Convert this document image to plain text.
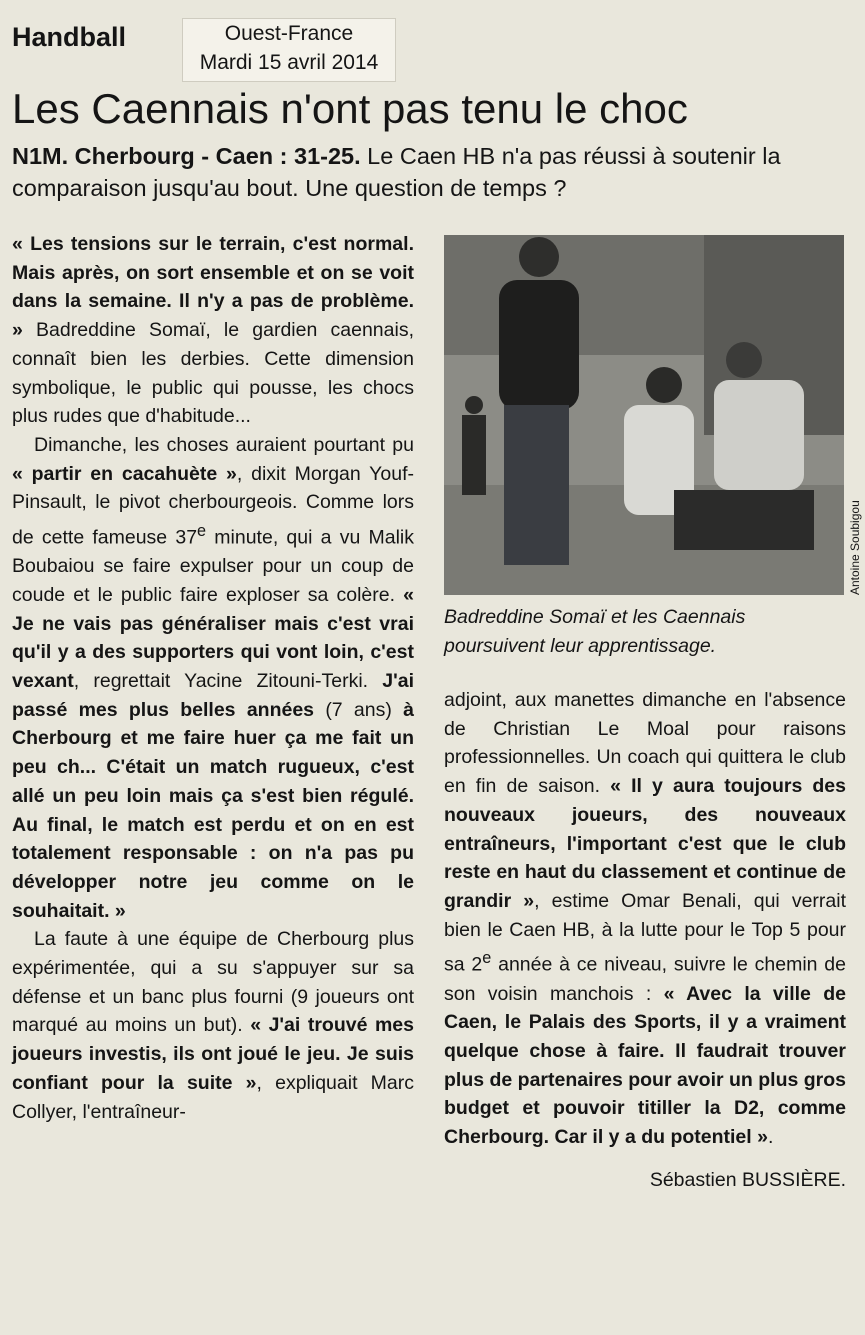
Handball	Ouest-France
Mardi 15 avril 2014
Les Caennais n'ont pas tenu le choc
N1M. Cherbourg - Caen : 31-25. Le Caen HB n'a pas réussi à soutenir la comparaison jusqu'au bout. Une question de temps ?

« Les tensions sur le terrain, c'est normal. Mais après, on sort ensemble et on se voit dans la semaine. Il n'y a pas de problème. » Badreddine Somaï, le gardien caennais, connaît bien les derbies. Cette dimension symbolique, le public qui pousse, les chocs plus rudes que d'habitude...

Dimanche, les choses auraient pourtant pu « partir en cacahuète », dixit Morgan Youf-Pinsault, le pivot cherbourgeois. Comme lors de cette fameuse 37e minute, qui a vu Malik Boubaiou se faire expulser pour un coup de coude et le public faire exploser sa colère. « Je ne vais pas généraliser mais c'est vrai qu'il y a des supporters qui vont loin, c'est vexant, regrettait Yacine Zitouni-Terki. J'ai passé mes plus belles années (7 ans) à Cherbourg et me faire huer ça me fait un peu ch... C'était un match rugueux, c'est allé un peu loin mais ça s'est bien régulé. Au final, le match est perdu et on en est totalement responsable : on n'a pas pu développer notre jeu comme on le souhaitait. »

La faute à une équipe de Cherbourg plus expérimentée, qui a su s'appuyer sur sa défense et un banc plus fourni (9 joueurs ont marqué au moins un but). « J'ai trouvé mes joueurs investis, ils ont joué le jeu. Je suis confiant pour la suite », expliquait Marc Collyer, l'entraîneur-

Antoine Soubigou
Badreddine Somaï et les Caennais poursuivent leur apprentissage.

adjoint, aux manettes dimanche en l'absence de Christian Le Moal pour raisons professionnelles. Un coach qui quittera le club en fin de saison. « Il y aura toujours des nouveaux joueurs, des nouveaux entraîneurs, l'important c'est que le club reste en haut du classement et continue de grandir », estime Omar Benali, qui verrait bien le Caen HB, à la lutte pour le Top 5 pour sa 2e année à ce niveau, suivre le chemin de son voisin manchois : « Avec la ville de Caen, le Palais des Sports, il y a vraiment quelque chose à faire. Il faudrait trouver plus de partenaires pour avoir un plus gros budget et pouvoir titiller la D2, comme Cherbourg. Car il y a du potentiel ».

Sébastien BUSSIÈRE.
